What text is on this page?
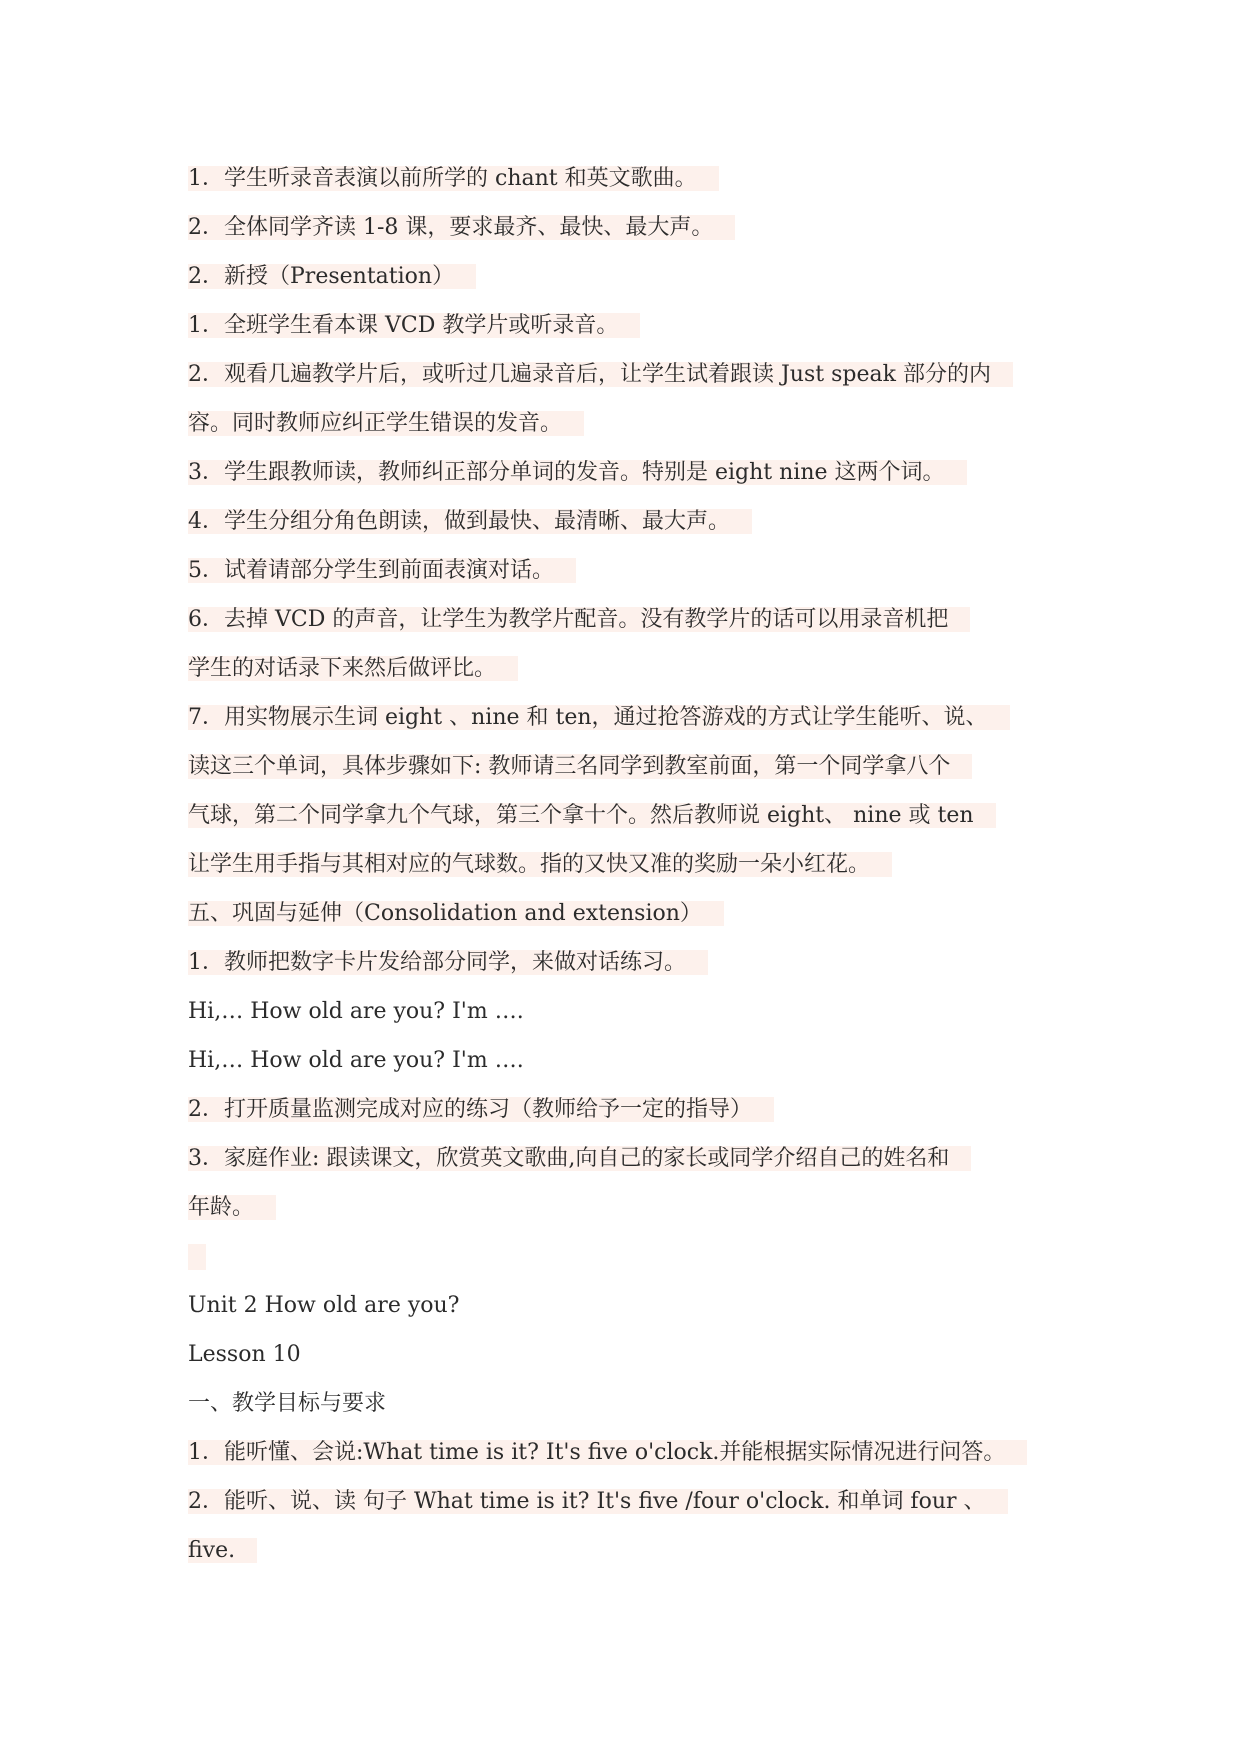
1．学生听录音表演以前所学的 chant 和英文歌曲。
2．全体同学齐读 1-8 课，要求最齐、最快、最大声。
2．新授（Presentation）
1．全班学生看本课 VCD 教学片或听录音。
2．观看几遍教学片后，或听过几遍录音后，让学生试着跟读 Just speak 部分的内
容。同时教师应纠正学生错误的发音。
3．学生跟教师读，教师纠正部分单词的发音。特别是 eight nine 这两个词。
4．学生分组分角色朗读，做到最快、最清晰、最大声。
5．试着请部分学生到前面表演对话。
6．去掉 VCD 的声音，让学生为教学片配音。没有教学片的话可以用录音机把
学生的对话录下来然后做评比。
7．用实物展示生词 eight 、nine 和 ten，通过抢答游戏的方式让学生能听、说、
读这三个单词，具体步骤如下: 教师请三名同学到教室前面，第一个同学拿八个
气球，第二个同学拿九个气球，第三个拿十个。然后教师说 eight、 nine 或 ten
让学生用手指与其相对应的气球数。指的又快又准的奖励一朵小红花。
五、巩固与延伸（Consolidation and extension）
1．教师把数字卡片发给部分同学，来做对话练习。
Hi,… How old are you? I'm ….
Hi,… How old are you? I'm ….
2．打开质量监测完成对应的练习（教师给予一定的指导）
3．家庭作业: 跟读课文，欣赏英文歌曲,向自己的家长或同学介绍自己的姓名和
年龄。
Unit 2 How old are you?
Lesson 10
一、教学目标与要求
1．能听懂、会说:What time is it? It's five o'clock.并能根据实际情况进行问答。
2．能听、说、读 句子 What time is it? It's five /four o'clock. 和单词 four 、
five.
